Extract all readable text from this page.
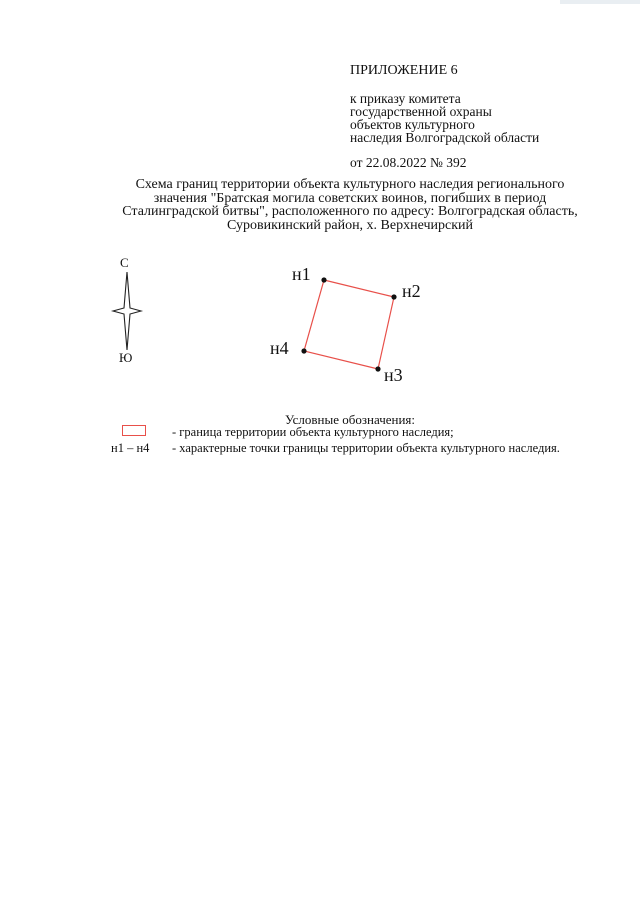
ПРИЛОЖЕНИЕ 6
к приказу комитета
государственной охраны
объектов культурного
наследия Волгоградской области
от 22.08.2022 № 392
Схема границ территории объекта культурного наследия регионального
значения "Братская могила советских воинов, погибших в период
Сталинградской битвы", расположенного по адресу: Волгоградская область,
Суровикинский район, х. Верхнечирский
С
Ю
н1
н2
н3
н4
Условные обозначения:
- граница территории объекта культурного наследия;
н1 – н4 - характерные точки границы территории объекта культурного наследия.
